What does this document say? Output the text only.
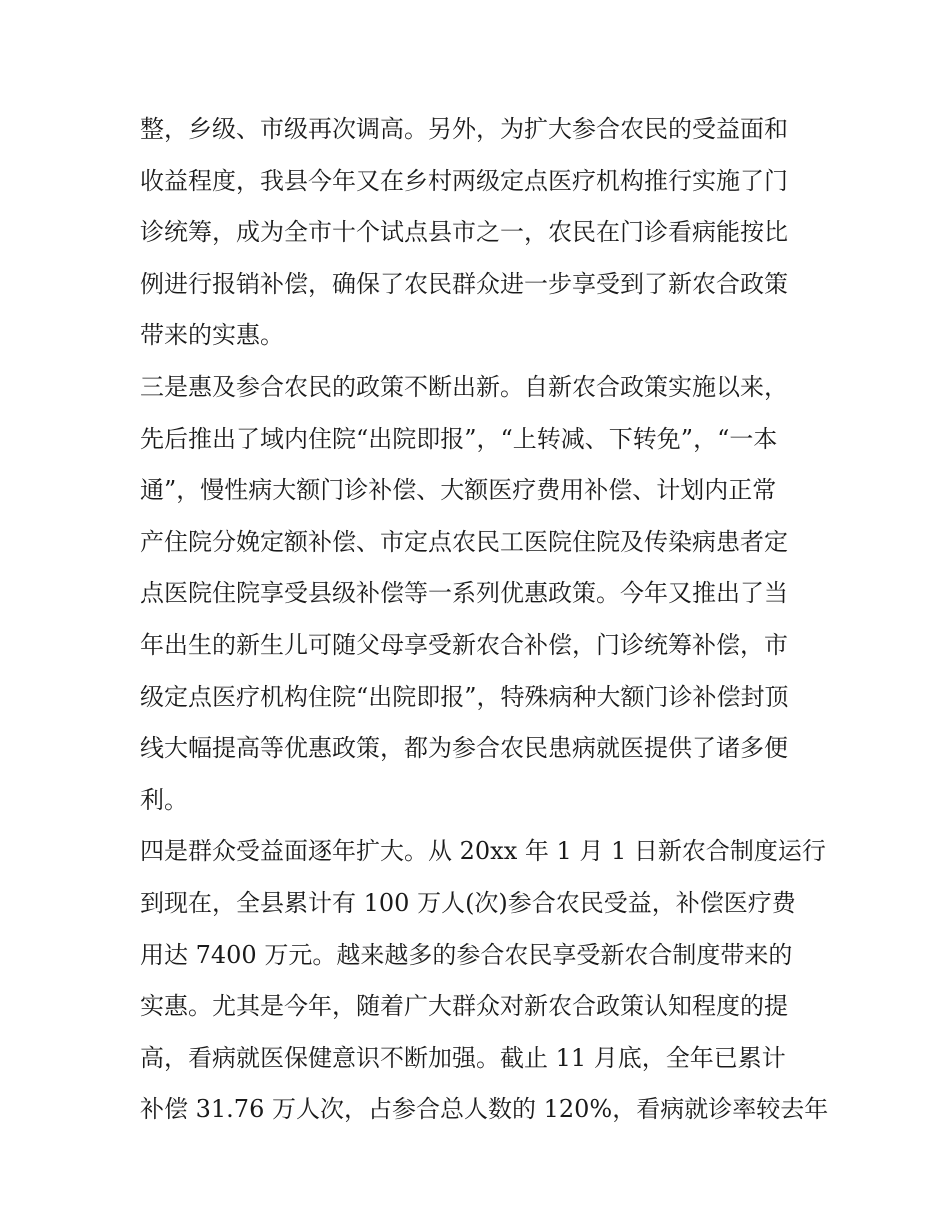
整，乡级、市级再次调高。另外，为扩大参合农民的受益面和
收益程度，我县今年又在乡村两级定点医疗机构推行实施了门
诊统筹，成为全市十个试点县市之一，农民在门诊看病能按比
例进行报销补偿，确保了农民群众进一步享受到了新农合政策
带来的实惠。
三是惠及参合农民的政策不断出新。自新农合政策实施以来，
先后推出了域内住院“出院即报”，“上转减、下转免”，“一本
通”，慢性病大额门诊补偿、大额医疗费用补偿、计划内正常
产住院分娩定额补偿、市定点农民工医院住院及传染病患者定
点医院住院享受县级补偿等一系列优惠政策。今年又推出了当
年出生的新生儿可随父母享受新农合补偿，门诊统筹补偿，市
级定点医疗机构住院“出院即报”，特殊病种大额门诊补偿封顶
线大幅提高等优惠政策，都为参合农民患病就医提供了诸多便
利。
四是群众受益面逐年扩大。从 20xx 年 1 月 1 日新农合制度运行
到现在，全县累计有 100 万人(次)参合农民受益，补偿医疗费
用达 7400 万元。越来越多的参合农民享受新农合制度带来的
实惠。尤其是今年，随着广大群众对新农合政策认知程度的提
高，看病就医保健意识不断加强。截止 11 月底，全年已累计
补偿 31.76 万人次，占参合总人数的 120%，看病就诊率较去年
